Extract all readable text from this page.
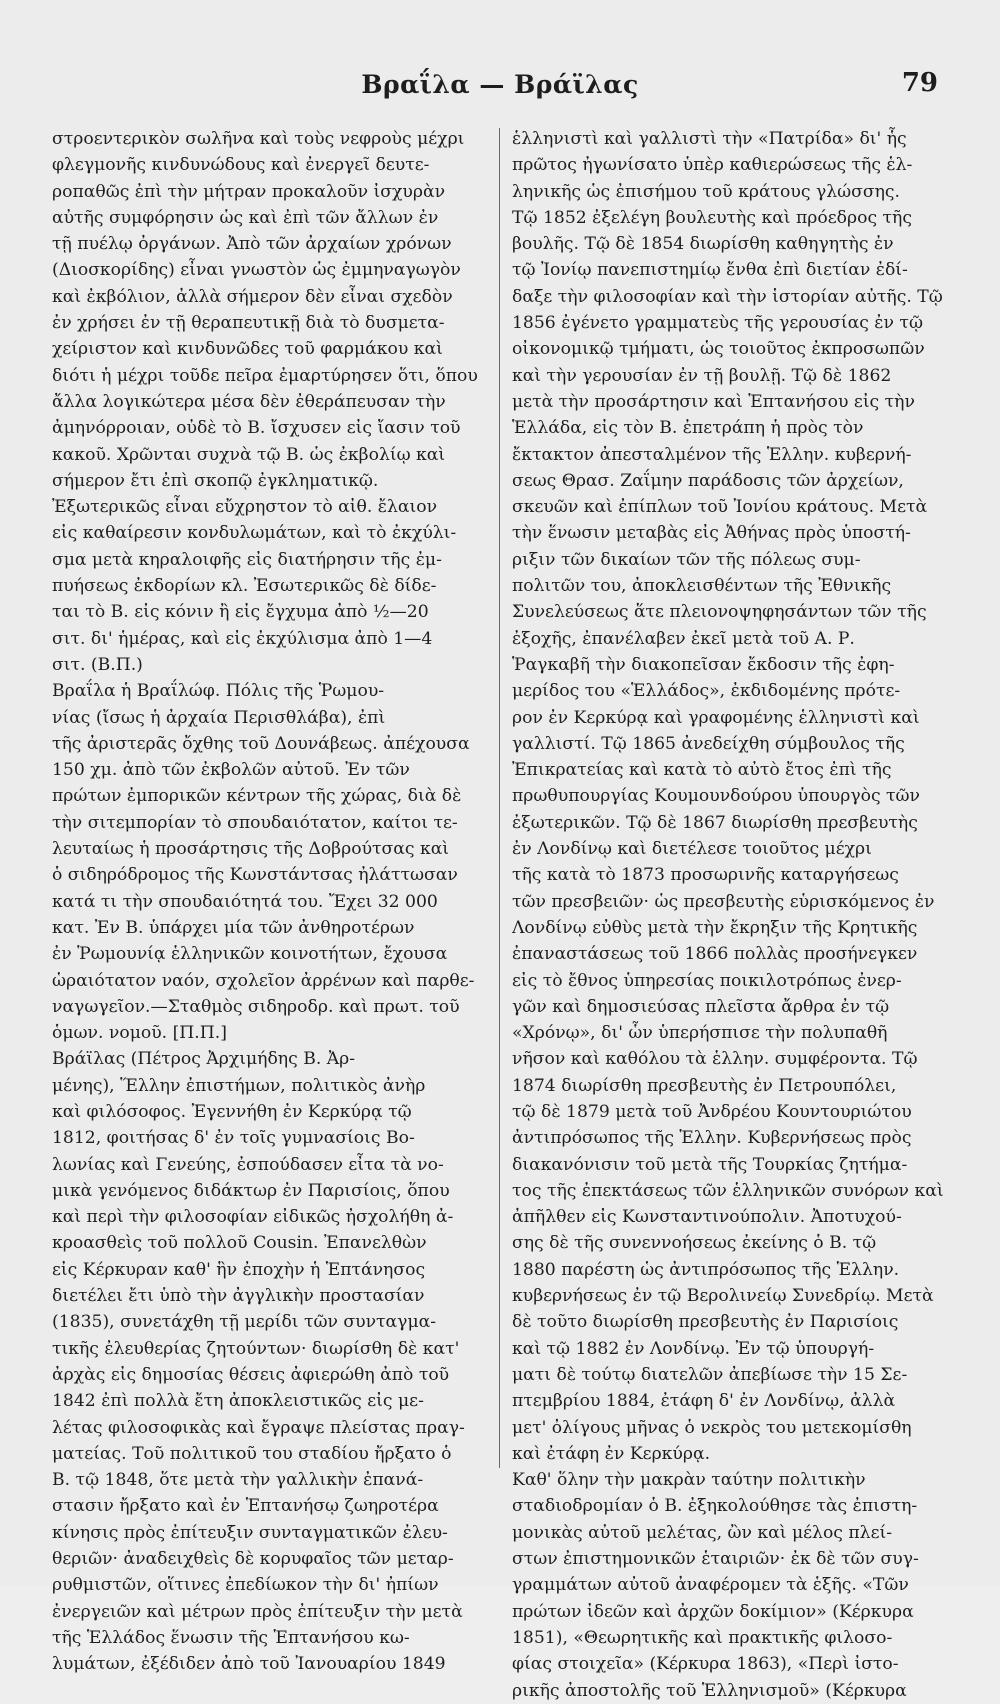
Βραΐλα — Βράϊλας	79
στροεντερικὸν σωλῆνα καὶ τοὺς νεφροὺς μέχρι
φλεγμονῆς κινδυνώδους καὶ ἐνεργεῖ δευτε-
ροπαθῶς ἐπὶ τὴν μήτραν προκαλοῦν ἰσχυρὰν
αὐτῆς συμφόρησιν ὡς καὶ ἐπὶ τῶν ἄλλων ἐν
τῇ πυέλῳ ὀργάνων. Ἀπὸ τῶν ἀρχαίων χρόνων
(Διοσκορίδης) εἶναι γνωστὸν ὡς ἐμμηναγωγὸν
καὶ ἐκβόλιον, ἀλλὰ σήμερον δὲν εἶναι σχεδὸν
ἐν χρήσει ἐν τῇ θεραπευτικῇ διὰ τὸ δυσμετα-
χείριστον καὶ κινδυνῶδες τοῦ φαρμάκου καὶ
διότι ἡ μέχρι τοῦδε πεῖρα ἐμαρτύρησεν ὅτι, ὅπου
ἄλλα λογικώτερα μέσα δὲν ἐθεράπευσαν τὴν
ἀμηνόρροιαν, οὐδὲ τὸ Β. ἴσχυσεν εἰς ἴασιν τοῦ
κακοῦ. Χρῶνται συχνὰ τῷ Β. ὡς ἐκβολίῳ καὶ
σήμερον ἔτι ἐπὶ σκοπῷ ἐγκληματικῷ.
Ἐξωτερικῶς εἶναι εὔχρηστον τὸ αἰθ. ἔλαιον
εἰς καθαίρεσιν κονδυλωμάτων, καὶ τὸ ἐκχύλι-
σμα μετὰ κηραλοιφῆς εἰς διατήρησιν τῆς ἐμ-
πυήσεως ἐκδορίων κλ. Ἐσωτερικῶς δὲ δίδε-
ται τὸ Β. εἰς κόνιν ἢ εἰς ἔγχυμα ἀπὸ ½—20
σιτ. δι' ἡμέρας, καὶ εἰς ἐκχύλισμα ἀπὸ 1—4
σιτ. (Β.Π.)
Βραΐλα ἡ Βραΐλώφ. Πόλις τῆς Ῥωμου-
νίας (ἴσως ἡ ἀρχαία Περισθλάβα), ἐπὶ
τῆς ἀριστερᾶς ὄχθης τοῦ Δουνάβεως. ἀπέχουσα
150 χμ. ἀπὸ τῶν ἐκβολῶν αὐτοῦ. Ἐν τῶν
πρώτων ἐμπορικῶν κέντρων τῆς χώρας, διὰ δὲ
τὴν σιτεμπορίαν τὸ σπουδαιότατον, καίτοι τε-
λευταίως ἡ προσάρτησις τῆς Δοβρούτσας καὶ
ὁ σιδηρόδρομος τῆς Κωνστάντσας ἠλάττωσαν
κατά τι τὴν σπουδαιότητά του. Ἔχει 32 000
κατ. Ἐν Β. ὑπάρχει μία τῶν ἀνθηροτέρων
ἐν Ῥωμουνίᾳ ἑλληνικῶν κοινοτήτων, ἔχουσα
ὡραιότατον ναόν, σχολεῖον ἀρρένων καὶ παρθε-
ναγωγεῖον.—Σταθμὸς σιδηροδρ. καὶ πρωτ. τοῦ
ὁμων. νομοῦ. [Π.Π.]
Βράϊλας (Πέτρος Ἀρχιμήδης Β. Ἀρ-
μένης), Ἕλλην ἐπιστήμων, πολιτικὸς ἀνὴρ
καὶ φιλόσοφος. Ἐγεννήθη ἐν Κερκύρᾳ τῷ
1812, φοιτήσας δ' ἐν τοῖς γυμνασίοις Βο-
λωνίας καὶ Γενεύης, ἐσπούδασεν εἶτα τὰ νο-
μικὰ γενόμενος διδάκτωρ ἐν Παρισίοις, ὅπου
καὶ περὶ τὴν φιλοσοφίαν εἰδικῶς ἠσχολήθη ἀ-
κροασθεὶς τοῦ πολλοῦ Cousin. Ἐπανελθὼν
εἰς Κέρκυραν καθ' ἣν ἐποχὴν ἡ Ἑπτάνησος
διετέλει ἔτι ὑπὸ τὴν ἀγγλικὴν προστασίαν
(1835), συνετάχθη τῇ μερίδι τῶν συνταγμα-
τικῆς ἐλευθερίας ζητούντων· διωρίσθη δὲ κατ'
ἀρχὰς εἰς δημοσίας θέσεις ἀφιερώθη ἀπὸ τοῦ
1842 ἐπὶ πολλὰ ἔτη ἀποκλειστικῶς εἰς με-
λέτας φιλοσοφικὰς καὶ ἔγραψε πλείστας πραγ-
ματείας. Τοῦ πολιτικοῦ του σταδίου ἤρξατο ὁ
Β. τῷ 1848, ὅτε μετὰ τὴν γαλλικὴν ἐπανά-
στασιν ἤρξατο καὶ ἐν Ἑπτανήσῳ ζωηροτέρα
κίνησις πρὸς ἐπίτευξιν συνταγματικῶν ἐλευ-
θεριῶν· ἀναδειχθεὶς δὲ κορυφαῖος τῶν μεταρ-
ρυθμιστῶν, οἵτινες ἐπεδίωκον τὴν δι' ἠπίων
ἐνεργειῶν καὶ μέτρων πρὸς ἐπίτευξιν τὴν μετὰ
τῆς Ἑλλάδος ἕνωσιν τῆς Ἑπτανήσου κω-
λυμάτων, ἐξέδιδεν ἀπὸ τοῦ Ἰανουαρίου 1849
ἑλληνιστὶ καὶ γαλλιστὶ τὴν «Πατρίδα» δι' ἧς
πρῶτος ἠγωνίσατο ὑπὲρ καθιερώσεως τῆς ἑλ-
ληνικῆς ὡς ἐπισήμου τοῦ κράτους γλώσσης.
Τῷ 1852 ἐξελέγη βουλευτὴς καὶ πρόεδρος τῆς
βουλῆς. Τῷ δὲ 1854 διωρίσθη καθηγητὴς ἐν
τῷ Ἰονίῳ πανεπιστημίῳ ἔνθα ἐπὶ διετίαν ἐδί-
δαξε τὴν φιλοσοφίαν καὶ τὴν ἱστορίαν αὐτῆς. Τῷ
1856 ἐγένετο γραμματεὺς τῆς γερουσίας ἐν τῷ
οἰκονομικῷ τμήματι, ὡς τοιοῦτος ἐκπροσωπῶν
καὶ τὴν γερουσίαν ἐν τῇ βουλῇ. Τῷ δὲ 1862
μετὰ τὴν προσάρτησιν καὶ Ἑπτανήσου εἰς τὴν
Ἑλλάδα, εἰς τὸν Β. ἐπετράπη ἡ πρὸς τὸν
ἔκτακτον ἀπεσταλμένον τῆς Ἑλλην. κυβερνή-
σεως Θρασ. Ζαΐμην παράδοσις τῶν ἀρχείων,
σκευῶν καὶ ἐπίπλων τοῦ Ἰονίου κράτους. Μετὰ
τὴν ἕνωσιν μεταβὰς εἰς Ἀθήνας πρὸς ὑποστή-
ριξιν τῶν δικαίων τῶν τῆς πόλεως συμ-
πολιτῶν του, ἀποκλεισθέντων τῆς Ἐθνικῆς
Συνελεύσεως ἅτε πλειονοψηφησάντων τῶν τῆς
ἐξοχῆς, ἐπανέλαβεν ἐκεῖ μετὰ τοῦ Α. Ρ.
Ῥαγκαβῆ τὴν διακοπεῖσαν ἔκδοσιν τῆς ἐφη-
μερίδος του «Ἑλλάδος», ἐκδιδομένης πρότε-
ρον ἐν Κερκύρᾳ καὶ γραφομένης ἑλληνιστὶ καὶ
γαλλιστί. Τῷ 1865 ἀνεδείχθη σύμβουλος τῆς
Ἐπικρατείας καὶ κατὰ τὸ αὐτὸ ἔτος ἐπὶ τῆς
πρωθυπουργίας Κουμουνδούρου ὑπουργὸς τῶν
ἐξωτερικῶν. Τῷ δὲ 1867 διωρίσθη πρεσβευτὴς
ἐν Λονδίνῳ καὶ διετέλεσε τοιοῦτος μέχρι
τῆς κατὰ τὸ 1873 προσωρινῆς καταργήσεως
τῶν πρεσβειῶν· ὡς πρεσβευτὴς εὑρισκόμενος ἐν
Λονδίνῳ εὐθὺς μετὰ τὴν ἔκρηξιν τῆς Κρητικῆς
ἐπαναστάσεως τοῦ 1866 πολλὰς προσήνεγκεν
εἰς τὸ ἔθνος ὑπηρεσίας ποικιλοτρόπως ἐνερ-
γῶν καὶ δημοσιεύσας πλεῖστα ἄρθρα ἐν τῷ
«Χρόνῳ», δι' ὧν ὑπερήσπισε τὴν πολυπαθῆ
νῆσον καὶ καθόλου τὰ ἑλλην. συμφέροντα. Τῷ
1874 διωρίσθη πρεσβευτὴς ἐν Πετρουπόλει,
τῷ δὲ 1879 μετὰ τοῦ Ἀνδρέου Κουντουριώτου
ἀντιπρόσωπος τῆς Ἑλλην. Κυβερνήσεως πρὸς
διακανόνισιν τοῦ μετὰ τῆς Τουρκίας ζητήμα-
τος τῆς ἐπεκτάσεως τῶν ἑλληνικῶν συνόρων καὶ
ἀπῆλθεν εἰς Κωνσταντινούπολιν. Ἀποτυχού-
σης δὲ τῆς συνεννοήσεως ἐκείνης ὁ Β. τῷ
1880 παρέστη ὡς ἀντιπρόσωπος τῆς Ἑλλην.
κυβερνήσεως ἐν τῷ Βερολινείῳ Συνεδρίῳ. Μετὰ
δὲ τοῦτο διωρίσθη πρεσβευτὴς ἐν Παρισίοις
καὶ τῷ 1882 ἐν Λονδίνῳ. Ἐν τῷ ὑπουργή-
ματι δὲ τούτῳ διατελῶν ἀπεβίωσε τὴν 15 Σε-
πτεμβρίου 1884, ἐτάφη δ' ἐν Λονδίνῳ, ἀλλὰ
μετ' ὀλίγους μῆνας ὁ νεκρὸς του μετεκομίσθη
καὶ ἐτάφη ἐν Κερκύρᾳ.
Καθ' ὅλην τὴν μακρὰν ταύτην πολιτικὴν
σταδιοδρομίαν ὁ Β. ἐξηκολούθησε τὰς ἐπιστη-
μονικὰς αὐτοῦ μελέτας, ὢν καὶ μέλος πλεί-
στων ἐπιστημονικῶν ἑταιριῶν· ἐκ δὲ τῶν συγ-
γραμμάτων αὐτοῦ ἀναφέρομεν τὰ ἑξῆς. «Τῶν
πρώτων ἰδεῶν καὶ ἀρχῶν δοκίμιον» (Κέρκυρα
1851), «Θεωρητικῆς καὶ πρακτικῆς φιλοσο-
φίας στοιχεῖα» (Κέρκυρα 1863), «Περὶ ἰστο-
ρικῆς ἀποστολῆς τοῦ Ἑλληνισμοῦ» (Κέρκυρα
